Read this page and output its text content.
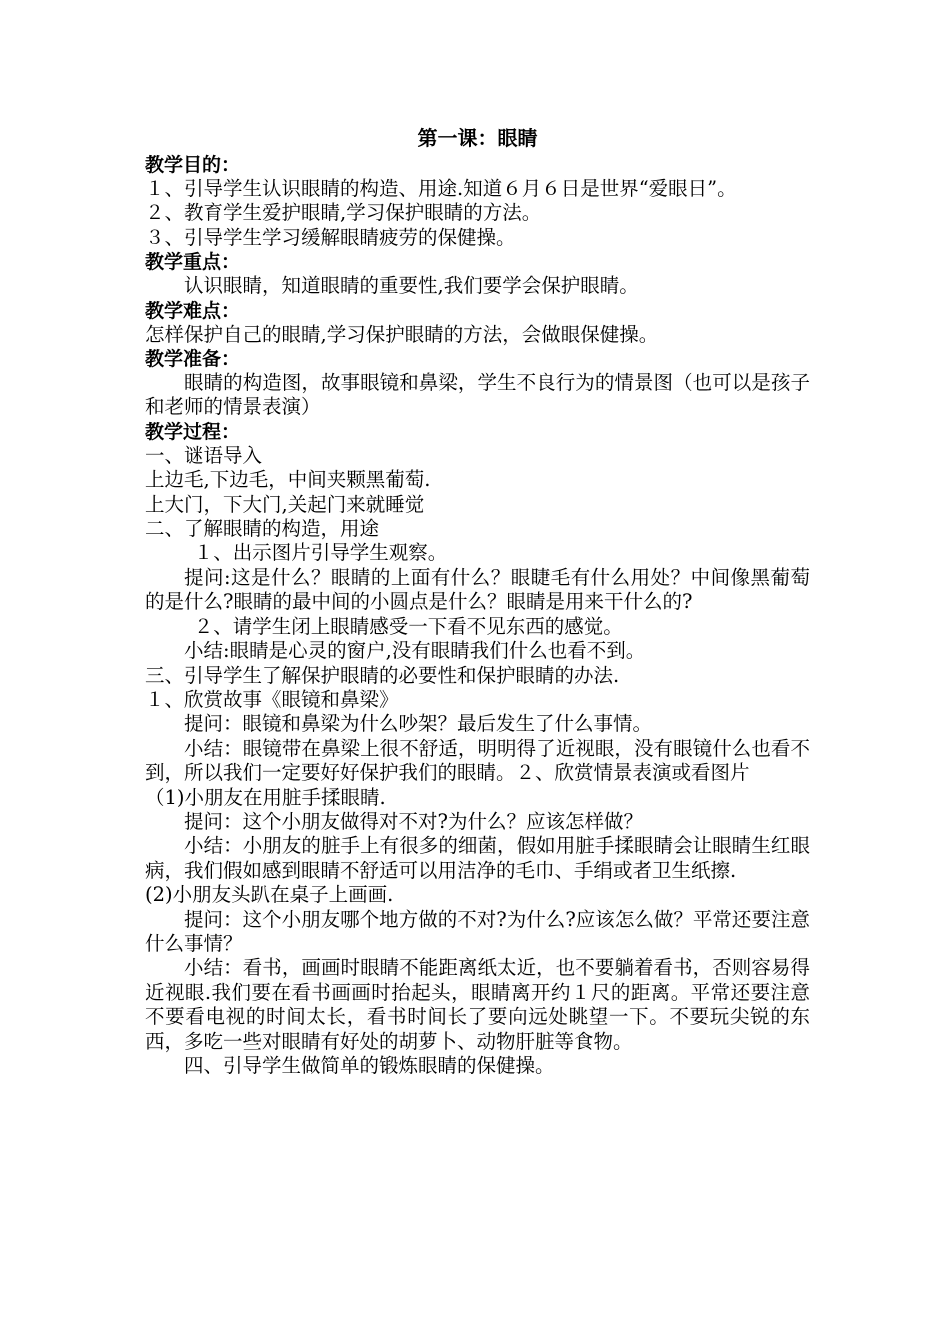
第一课：眼睛
教学目的：

１、引导学生认识眼睛的构造、用途.知道６月６日是世界“爱眼日”。

２、教育学生爱护眼睛,学习保护眼睛的方法。

３、引导学生学习缓解眼睛疲劳的保健操。

教学重点：

认识眼睛，知道眼睛的重要性,我们要学会保护眼睛。

教学难点：

怎样保护自己的眼睛,学习保护眼睛的方法，会做眼保健操。

教学准备：

眼睛的构造图，故事眼镜和鼻梁，学生不良行为的情景图（也可以是孩子和老师的情景表演）

教学过程：

一、谜语导入

上边毛,下边毛，中间夹颗黑葡萄.

上大门，下大门,关起门来就睡觉

二、了解眼睛的构造，用途

１、出示图片引导学生观察。

提问:这是什么？眼睛的上面有什么？眼睫毛有什么用处？中间像黑葡萄的是什么?眼睛的最中间的小圆点是什么？眼睛是用来干什么的?

２、请学生闭上眼睛感受一下看不见东西的感觉。

小结:眼睛是心灵的窗户,没有眼睛我们什么也看不到。

三、引导学生了解保护眼睛的必要性和保护眼睛的办法.

１、欣赏故事《眼镜和鼻梁》

提问：眼镜和鼻梁为什么吵架？最后发生了什么事情。

小结：眼镜带在鼻梁上很不舒适，明明得了近视眼，没有眼镜什么也看不到，所以我们一定要好好保护我们的眼睛。２、欣赏情景表演或看图片

（1)小朋友在用脏手揉眼睛.

提问：这个小朋友做得对不对?为什么？应该怎样做？

小结：小朋友的脏手上有很多的细菌，假如用脏手揉眼睛会让眼睛生红眼病，我们假如感到眼睛不舒适可以用洁净的毛巾、手绢或者卫生纸擦.

(2)小朋友头趴在桌子上画画.

提问：这个小朋友哪个地方做的不对?为什么?应该怎么做？平常还要注意什么事情？

小结：看书，画画时眼睛不能距离纸太近，也不要躺着看书，否则容易得近视眼.我们要在看书画画时抬起头，眼睛离开约１尺的距离。平常还要注意不要看电视的时间太长，看书时间长了要向远处眺望一下。不要玩尖锐的东西，多吃一些对眼睛有好处的胡萝卜、动物肝脏等食物。

四、引导学生做简单的锻炼眼睛的保健操。
